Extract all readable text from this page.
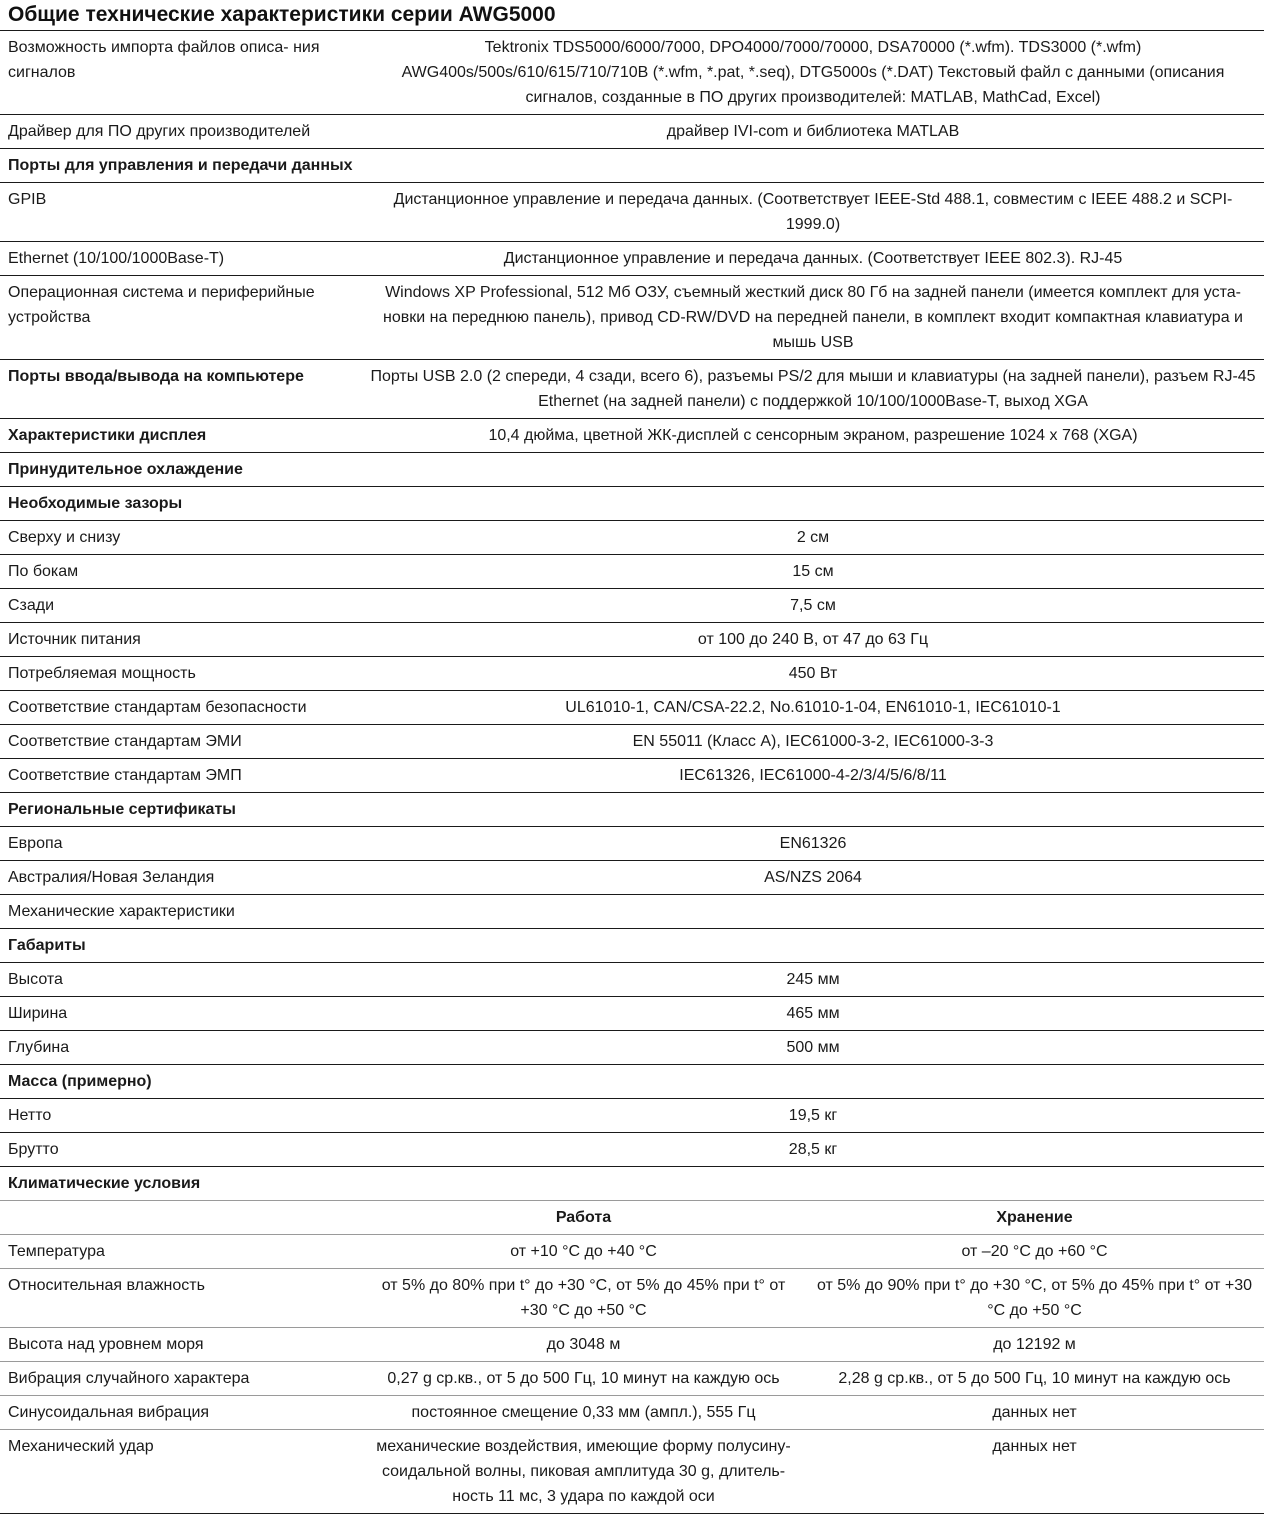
Общие технические характеристики серии AWG5000
Возможность импорта файлов описа- ния сигналов	Tektronix TDS5000/6000/7000, DPO4000/7000/70000, DSA70000 (*.wfm). TDS3000 (*.wfm) AWG400s/500s/610/615/710/710B (*.wfm, *.pat, *.seq), DTG5000s (*.DAT) Текстовый файл с данными (описания сигналов, созданные в ПО других производителей: MATLAB, MathCad, Excel)	
Драйвер для ПО других производителей	драйвер IVI-com и библиотека MATLAB	
Порты для управления и передачи данных		
GPIB	Дистанционное управление и передача данных. (Соответствует IEEE-Std 488.1, совместим с IEEE 488.2 и SCPI-1999.0)	
Ethernet (10/100/1000Base-T)	Дистанционное управление и передача данных. (Соответствует IEEE 802.3). RJ-45	
Операционная система и периферийные устройства	Windows XP Professional, 512 Мб ОЗУ, съемный жесткий диск 80 Гб на задней панели (имеется комплект для уста- новки на переднюю панель), привод CD-RW/DVD на передней панели, в комплект входит компактная клавиатура и мышь USB	
Порты ввода/вывода на компьютере	Порты USB 2.0 (2 спереди, 4 сзади, всего 6), разъемы PS/2 для мыши и клавиатуры (на задней панели), разъем RJ-45 Ethernet (на задней панели) с поддержкой 10/100/1000Base-T, выход XGA	
Характеристики дисплея	10,4 дюйма, цветной ЖК-дисплей с сенсорным экраном, разрешение 1024 x 768 (XGA)	
Принудительное охлаждение		
Необходимые зазоры		
Сверху и снизу	2 см	
По бокам	15 см	
Сзади	7,5 см	
Источник питания	от 100 до 240 В, от 47 до 63 Гц	
Потребляемая мощность	450 Вт	
Соответствие стандартам безопасности	UL61010-1, CAN/CSA-22.2, No.61010-1-04, EN61010-1, IEC61010-1	
Соответствие стандартам ЭМИ	EN 55011 (Класс A), IEC61000-3-2, IEC61000-3-3	
Соответствие стандартам ЭМП	IEC61326, IEC61000-4-2/3/4/5/6/8/11	
Региональные сертификаты		
Европа	EN61326	
Австралия/Новая Зеландия	AS/NZS 2064	
Механические характеристики		
Габариты		
Высота	245 мм	
Ширина	465 мм	
Глубина	500 мм	
Масса (примерно)		
Нетто	19,5 кг	
Брутто	28,5 кг	
Климатические условия		
	Работа	Хранение
Температура	от +10 °C до +40 °C	от –20 °C до +60 °C
Относительная влажность	от 5% до 80% при t° до +30 °C, от 5% до 45% при t° от +30 °C до +50 °C	от 5% до 90% при t° до +30 °C, от 5% до 45% при t° от +30 °C до +50 °C
Высота над уровнем моря	до 3048 м	до 12192 м
Вибрация случайного характера	0,27 g ср.кв., от 5 до 500 Гц, 10 минут на каждую ось	2,28 g ср.кв., от 5 до 500 Гц, 10 минут на каждую ось
Синусоидальная вибрация	постоянное смещение 0,33 мм (ампл.), 555 Гц	данных нет
Механический удар	механические воздействия, имеющие форму полусину- соидальной волны, пиковая амплитуда 30 g, длитель- ность 11 мс, 3 удара по каждой оси	данных нет
